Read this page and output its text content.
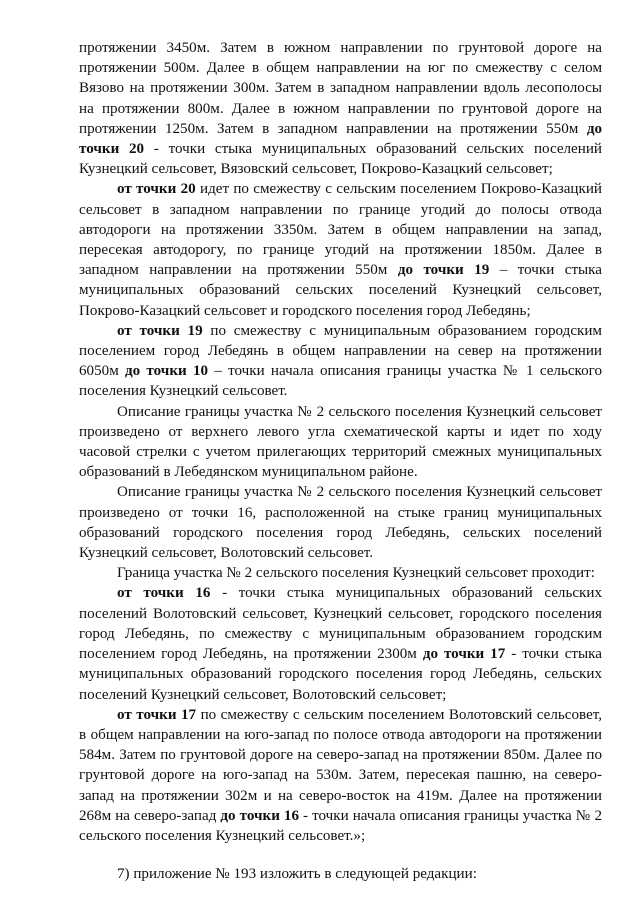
протяжении 3450м. Затем в южном направлении по грунтовой дороге на протяжении 500м. Далее в общем направлении на юг по смежеству с селом Вязово на протяжении 300м. Затем в западном направлении вдоль лесополосы на протяжении 800м. Далее в южном направлении по грунтовой дороге на протяжении 1250м. Затем в западном направлении на протяжении 550м до точки 20 - точки стыка муниципальных образований сельских поселений Кузнецкий сельсовет, Вязовский сельсовет, Покрово-Казацкий сельсовет;

от точки 20 идет по смежеству с сельским поселением Покрово-Казацкий сельсовет в западном направлении по границе угодий до полосы отвода автодороги на протяжении 3350м. Затем в общем направлении на запад, пересекая автодорогу, по границе угодий на протяжении 1850м. Далее в западном направлении на протяжении 550м до точки 19 – точки стыка муниципальных образований сельских поселений Кузнецкий сельсовет, Покрово-Казацкий сельсовет и городского поселения город Лебедянь;

от точки 19 по смежеству с муниципальным образованием городским поселением город Лебедянь в общем направлении на север на протяжении 6050м до точки 10 – точки начала описания границы участка № 1 сельского поселения Кузнецкий сельсовет.

Описание границы участка № 2 сельского поселения Кузнецкий сельсовет произведено от верхнего левого угла схематической карты и идет по ходу часовой стрелки с учетом прилегающих территорий смежных муниципальных образований в Лебедянском муниципальном районе.

Описание границы участка № 2 сельского поселения Кузнецкий сельсовет произведено от точки 16, расположенной на стыке границ муниципальных образований городского поселения город Лебедянь, сельских поселений Кузнецкий сельсовет, Волотовский сельсовет.

Граница участка № 2 сельского поселения Кузнецкий сельсовет проходит:

от точки 16 - точки стыка муниципальных образований сельских поселений Волотовский сельсовет, Кузнецкий сельсовет, городского поселения город Лебедянь, по смежеству с муниципальным образованием городским поселением город Лебедянь, на протяжении 2300м до точки 17 - точки стыка муниципальных образований городского поселения город Лебедянь, сельских поселений Кузнецкий сельсовет, Волотовский сельсовет;

от точки 17 по смежеству с сельским поселением Волотовский сельсовет, в общем направлении на юго-запад по полосе отвода автодороги на протяжении 584м. Затем по грунтовой дороге на северо-запад на протяжении 850м. Далее по грунтовой дороге на юго-запад на 530м. Затем, пересекая пашню, на северо-запад на протяжении 302м и на северо-восток на 419м. Далее на протяжении 268м на северо-запад до точки 16 - точки начала описания границы участка № 2 сельского поселения Кузнецкий сельсовет.»;

7) приложение № 193 изложить в следующей редакции:
